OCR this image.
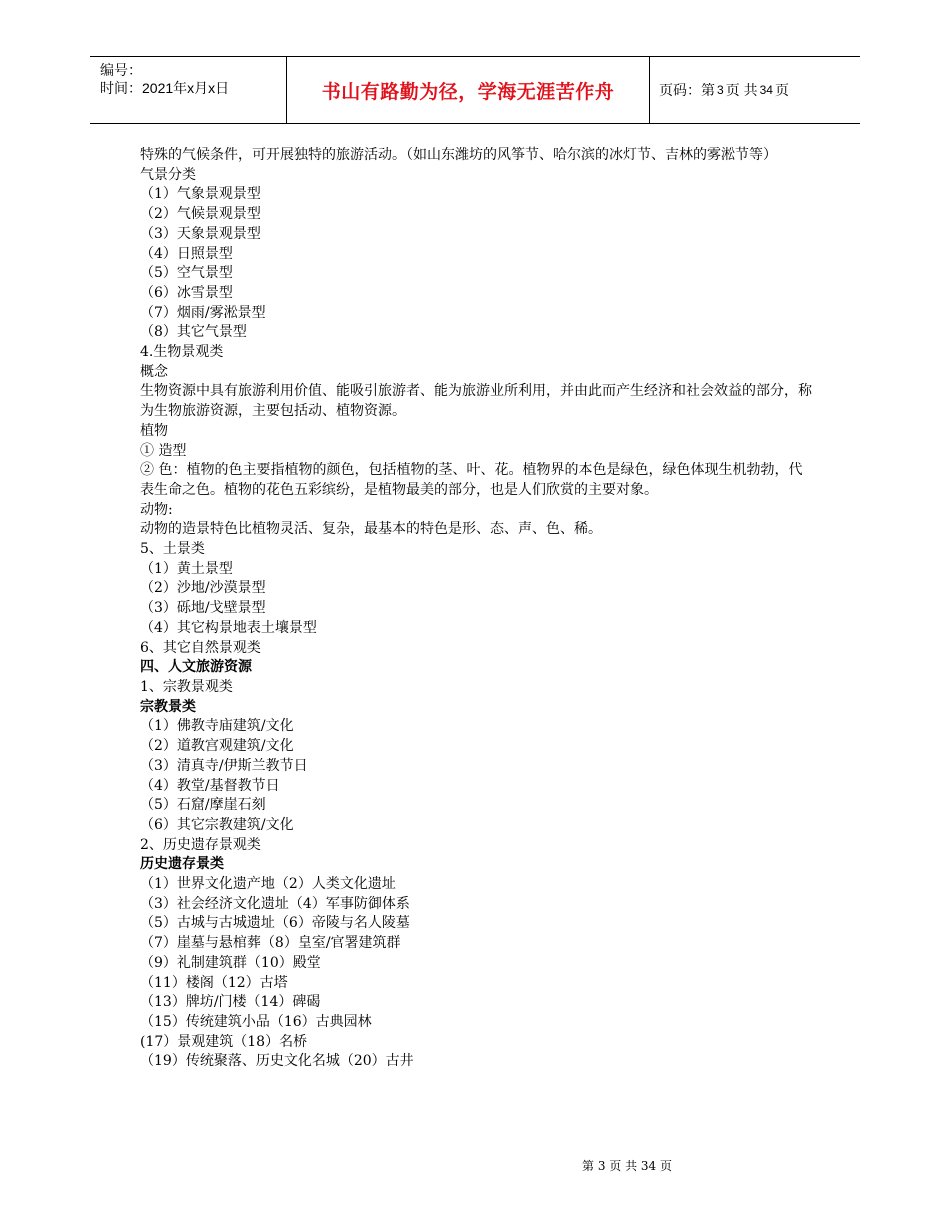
编号：
时间：2021年x月x日	书山有路勤为径，学海无涯苦作舟	页码：第 3 页 共 34 页
特殊的气候条件，可开展独特的旅游活动。（如山东潍坊的风筝节、哈尔滨的冰灯节、吉林的雾淞节等）
气景分类
（1）气象景观景型
（2）气候景观景型
（3）天象景观景型
（4）日照景型
（5）空气景型
（6）冰雪景型
（7）烟雨/雾淞景型
（8）其它气景型
4.生物景观类
概念
生物资源中具有旅游利用价值、能吸引旅游者、能为旅游业所利用，并由此而产生经济和社会效益的部分，称为生物旅游资源，主要包括动、植物资源。
植物
① 造型
② 色：植物的色主要指植物的颜色，包括植物的茎、叶、花。植物界的本色是绿色，绿色体现生机勃勃，代表生命之色。植物的花色五彩缤纷，是植物最美的部分，也是人们欣赏的主要对象。
动物:
动物的造景特色比植物灵活、复杂，最基本的特色是形、态、声、色、稀。
5、土景类
（1）黄土景型
（2）沙地/沙漠景型
（3）砾地/戈壁景型
（4）其它构景地表土壤景型
6、其它自然景观类
四、人文旅游资源
1、宗教景观类
宗教景类
（1）佛教寺庙建筑/文化
（2）道教宫观建筑/文化
（3）清真寺/伊斯兰教节日
（4）教堂/基督教节日
（5）石窟/摩崖石刻
（6）其它宗教建筑/文化
2、历史遗存景观类
历史遗存景类
（1）世界文化遗产地（2）人类文化遗址
（3）社会经济文化遗址（4）军事防御体系
（5）古城与古城遗址（6）帝陵与名人陵墓
（7）崖墓与悬棺葬（8）皇室/官署建筑群
（9）礼制建筑群（10）殿堂
（11）楼阁（12）古塔
（13）牌坊/门楼（14）碑碣
（15）传统建筑小品（16）古典园林
(17）景观建筑（18）名桥
（19）传统聚落、历史文化名城（20）古井
第 3 页 共 34 页
